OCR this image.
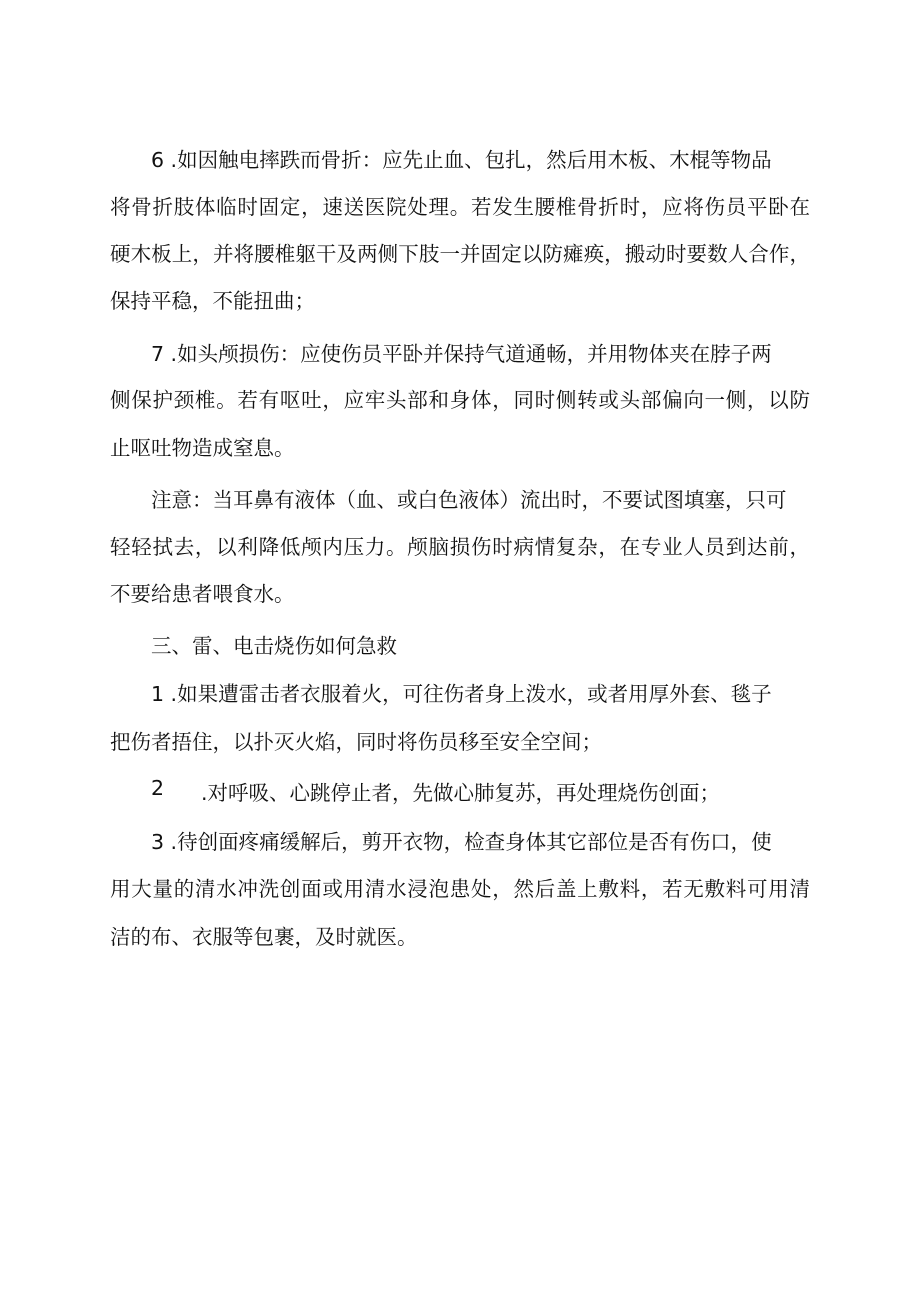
6 .如因触电摔跌而骨折：应先止血、包扎，然后用木板、木棍等物品
将骨折肢体临时固定，速送医院处理。若发生腰椎骨折时，应将伤员平卧在
硬木板上，并将腰椎躯干及两侧下肢一并固定以防瘫痪，搬动时要数人合作，
保持平稳，不能扭曲；
7 .如头颅损伤：应使伤员平卧并保持气道通畅，并用物体夹在脖子两
侧保护颈椎。若有呕吐，应牢头部和身体，同时侧转或头部偏向一侧，以防
止呕吐物造成窒息。
注意：当耳鼻有液体（血、或白色液体）流出时，不要试图填塞，只可
轻轻拭去，以利降低颅内压力。颅脑损伤时病情复杂，在专业人员到达前，
不要给患者喂食水。
三、雷、电击烧伤如何急救
1 .如果遭雷击者衣服着火，可往伤者身上泼水，或者用厚外套、毯子
把伤者捂住，以扑灭火焰，同时将伤员移至安全空间；
2 .对呼吸、心跳停止者，先做心肺复苏，再处理烧伤创面；
3 .待创面疼痛缓解后，剪开衣物，检查身体其它部位是否有伤口，使
用大量的清水冲洗创面或用清水浸泡患处，然后盖上敷料，若无敷料可用清
洁的布、衣服等包裹，及时就医。
